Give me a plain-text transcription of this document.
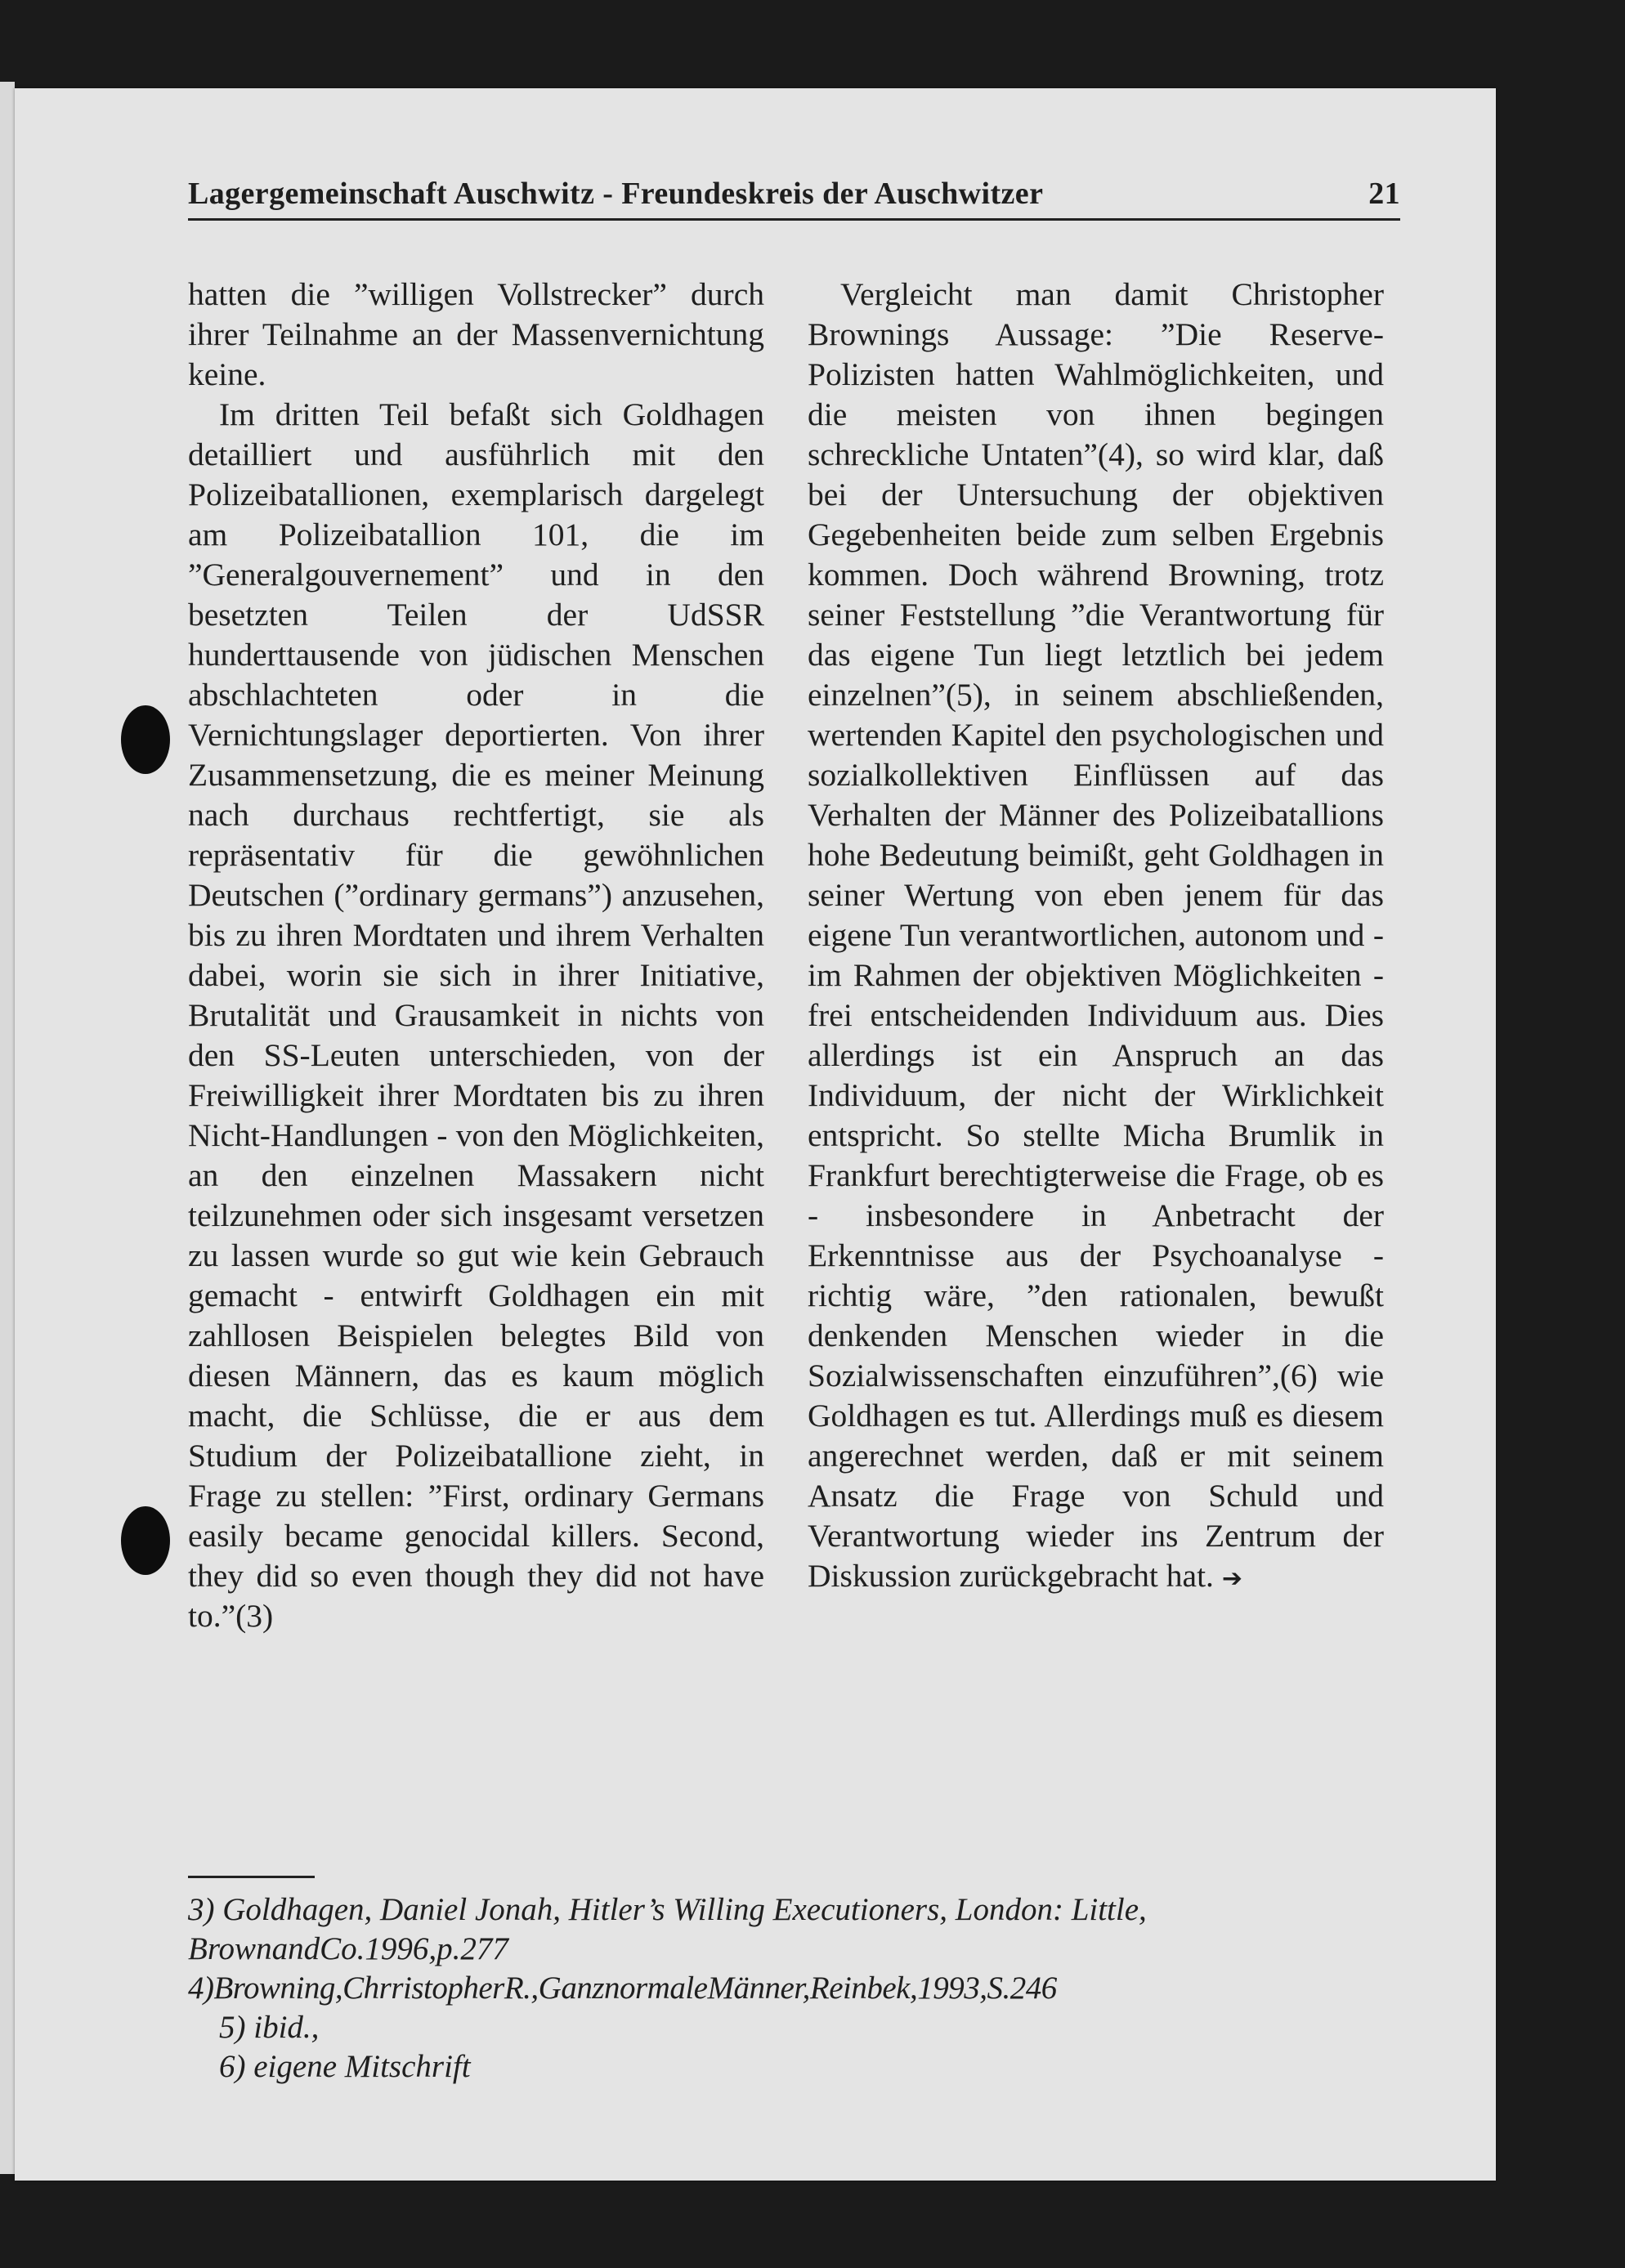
Lagergemeinschaft Auschwitz - Freundeskreis der Auschwitzer	21

hatten die ”willigen Vollstrecker” durch ihrer Teilnahme an der Massenvernichtung keine.

Im dritten Teil befaßt sich Goldhagen detailliert und ausführlich mit den Polizeibatallionen, exemplarisch dargelegt am Polizeibatallion 101, die im ”Generalgouvernement” und in den besetzten Teilen der UdSSR hunderttausende von jüdischen Menschen abschlachteten oder in die Vernichtungslager deportierten. Von ihrer Zusammensetzung, die es meiner Meinung nach durchaus rechtfertigt, sie als repräsentativ für die gewöhnlichen Deutschen (”ordinary germans”) anzusehen, bis zu ihren Mordtaten und ihrem Verhalten dabei, worin sie sich in ihrer Initiative, Brutalität und Grausamkeit in nichts von den SS-Leuten unterschieden, von der Freiwilligkeit ihrer Mordtaten bis zu ihren Nicht-Handlungen - von den Möglichkeiten, an den einzelnen Massakern nicht teilzunehmen oder sich insgesamt versetzen zu lassen wurde so gut wie kein Gebrauch gemacht - entwirft Goldhagen ein mit zahllosen Beispielen belegtes Bild von diesen Männern, das es kaum möglich macht, die Schlüsse, die er aus dem Studium der Polizeibatallione zieht, in Frage zu stellen: ”First, ordinary Germans easily became genocidal killers. Second, they did so even though they did not have to.”(3)

Vergleicht man damit Christopher Brownings Aussage: ”Die Reserve-Polizisten hatten Wahlmöglichkeiten, und die meisten von ihnen begingen schreckliche Untaten”(4), so wird klar, daß bei der Untersuchung der objektiven Gegebenheiten beide zum selben Ergebnis kommen. Doch während Browning, trotz seiner Feststellung ”die Verantwortung für das eigene Tun liegt letztlich bei jedem einzelnen”(5), in seinem abschließenden, wertenden Kapitel den psychologischen und sozialkollektiven Einflüssen auf das Verhalten der Männer des Polizeibatallions hohe Bedeutung beimißt, geht Goldhagen in seiner Wertung von eben jenem für das eigene Tun verantwortlichen, autonom und - im Rahmen der objektiven Möglichkeiten - frei entscheidenden Individuum aus. Dies allerdings ist ein Anspruch an das Individuum, der nicht der Wirklichkeit entspricht. So stellte Micha Brumlik in Frankfurt berechtigterweise die Frage, ob es - insbesondere in Anbetracht der Erkenntnisse aus der Psychoanalyse - richtig wäre, ”den rationalen, bewußt denkenden Menschen wieder in die Sozialwissenschaften einzuführen”,(6) wie Goldhagen es tut. Allerdings muß es diesem angerechnet werden, daß er mit seinem Ansatz die Frage von Schuld und Verantwortung wieder ins Zentrum der Diskussion zurückgebracht hat. ➔

3) Goldhagen, Daniel Jonah, Hitler’s Willing Executioners, London: Little, BrownandCo.1996,p.277

4)Browning,ChrristopherR.,GanznormaleMänner,Reinbek,1993,S.246

5) ibid.,

6) eigene Mitschrift
